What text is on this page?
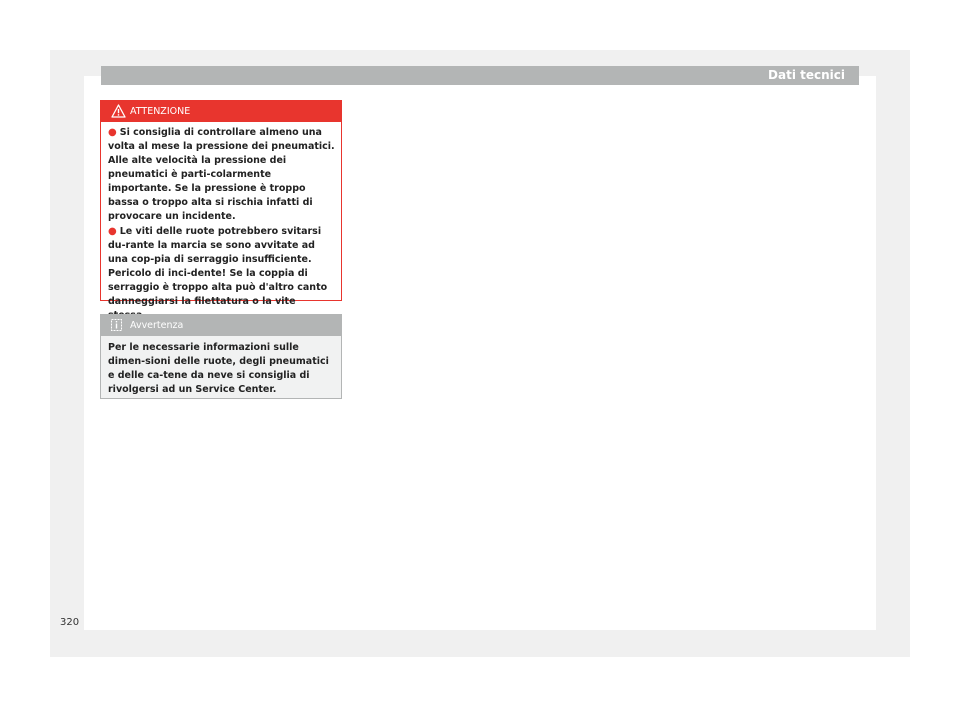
Dati tecnici
ATTENZIONE
● Si consiglia di controllare almeno una volta al mese la pressione dei pneumatici. Alle alte velocità la pressione dei pneumatici è parti-colarmente importante. Se la pressione è troppo bassa o troppo alta si rischia infatti di provocare un incidente.
● Le viti delle ruote potrebbero svitarsi du-rante la marcia se sono avvitate ad una cop-pia di serraggio insufficiente. Pericolo di inci-dente! Se la coppia di serraggio è troppo alta può d'altro canto danneggiarsi la filettatura o la vite
Avvertenza
Per le necessarie informazioni sulle dimen-sioni delle ruote, degli pneumatici e delle ca-tene da neve si consiglia di rivolgersi ad un Service Center.
320
